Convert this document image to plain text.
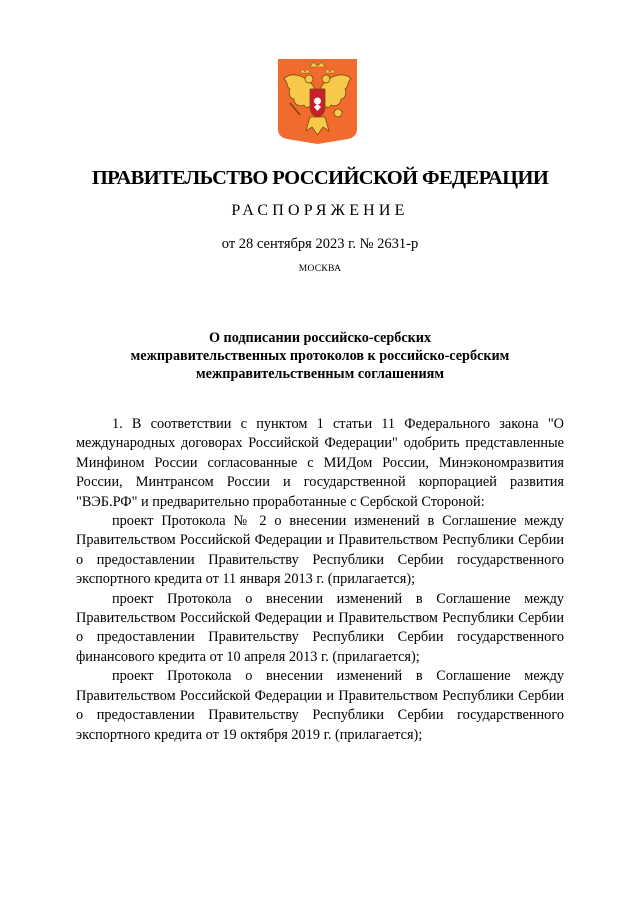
ПРАВИТЕЛЬСТВО РОССИЙСКОЙ ФЕДЕРАЦИИ
РАСПОРЯЖЕНИЕ
от 28 сентября 2023 г. № 2631-р
МОСКВА
О подписании российско-сербских
межправительственных протоколов к российско-сербским
межправительственным соглашениям

1. В соответствии с пунктом 1 статьи 11 Федерального закона "О международных договорах Российской Федерации" одобрить представленные Минфином России согласованные с МИДом России, Минэкономразвития России, Минтрансом России и государственной корпорацией развития "ВЭБ.РФ" и предварительно проработанные с Сербской Стороной:

проект Протокола № 2 о внесении изменений в Соглашение между Правительством Российской Федерации и Правительством Республики Сербии о предоставлении Правительству Республики Сербии государственного экспортного кредита от 11 января 2013 г. (прилагается);

проект Протокола о внесении изменений в Соглашение между Правительством Российской Федерации и Правительством Республики Сербии о предоставлении Правительству Республики Сербии государственного финансового кредита от 10 апреля 2013 г. (прилагается);

проект Протокола о внесении изменений в Соглашение между Правительством Российской Федерации и Правительством Республики Сербии о предоставлении Правительству Республики Сербии государственного экспортного кредита от 19 октября 2019 г. (прилагается);
